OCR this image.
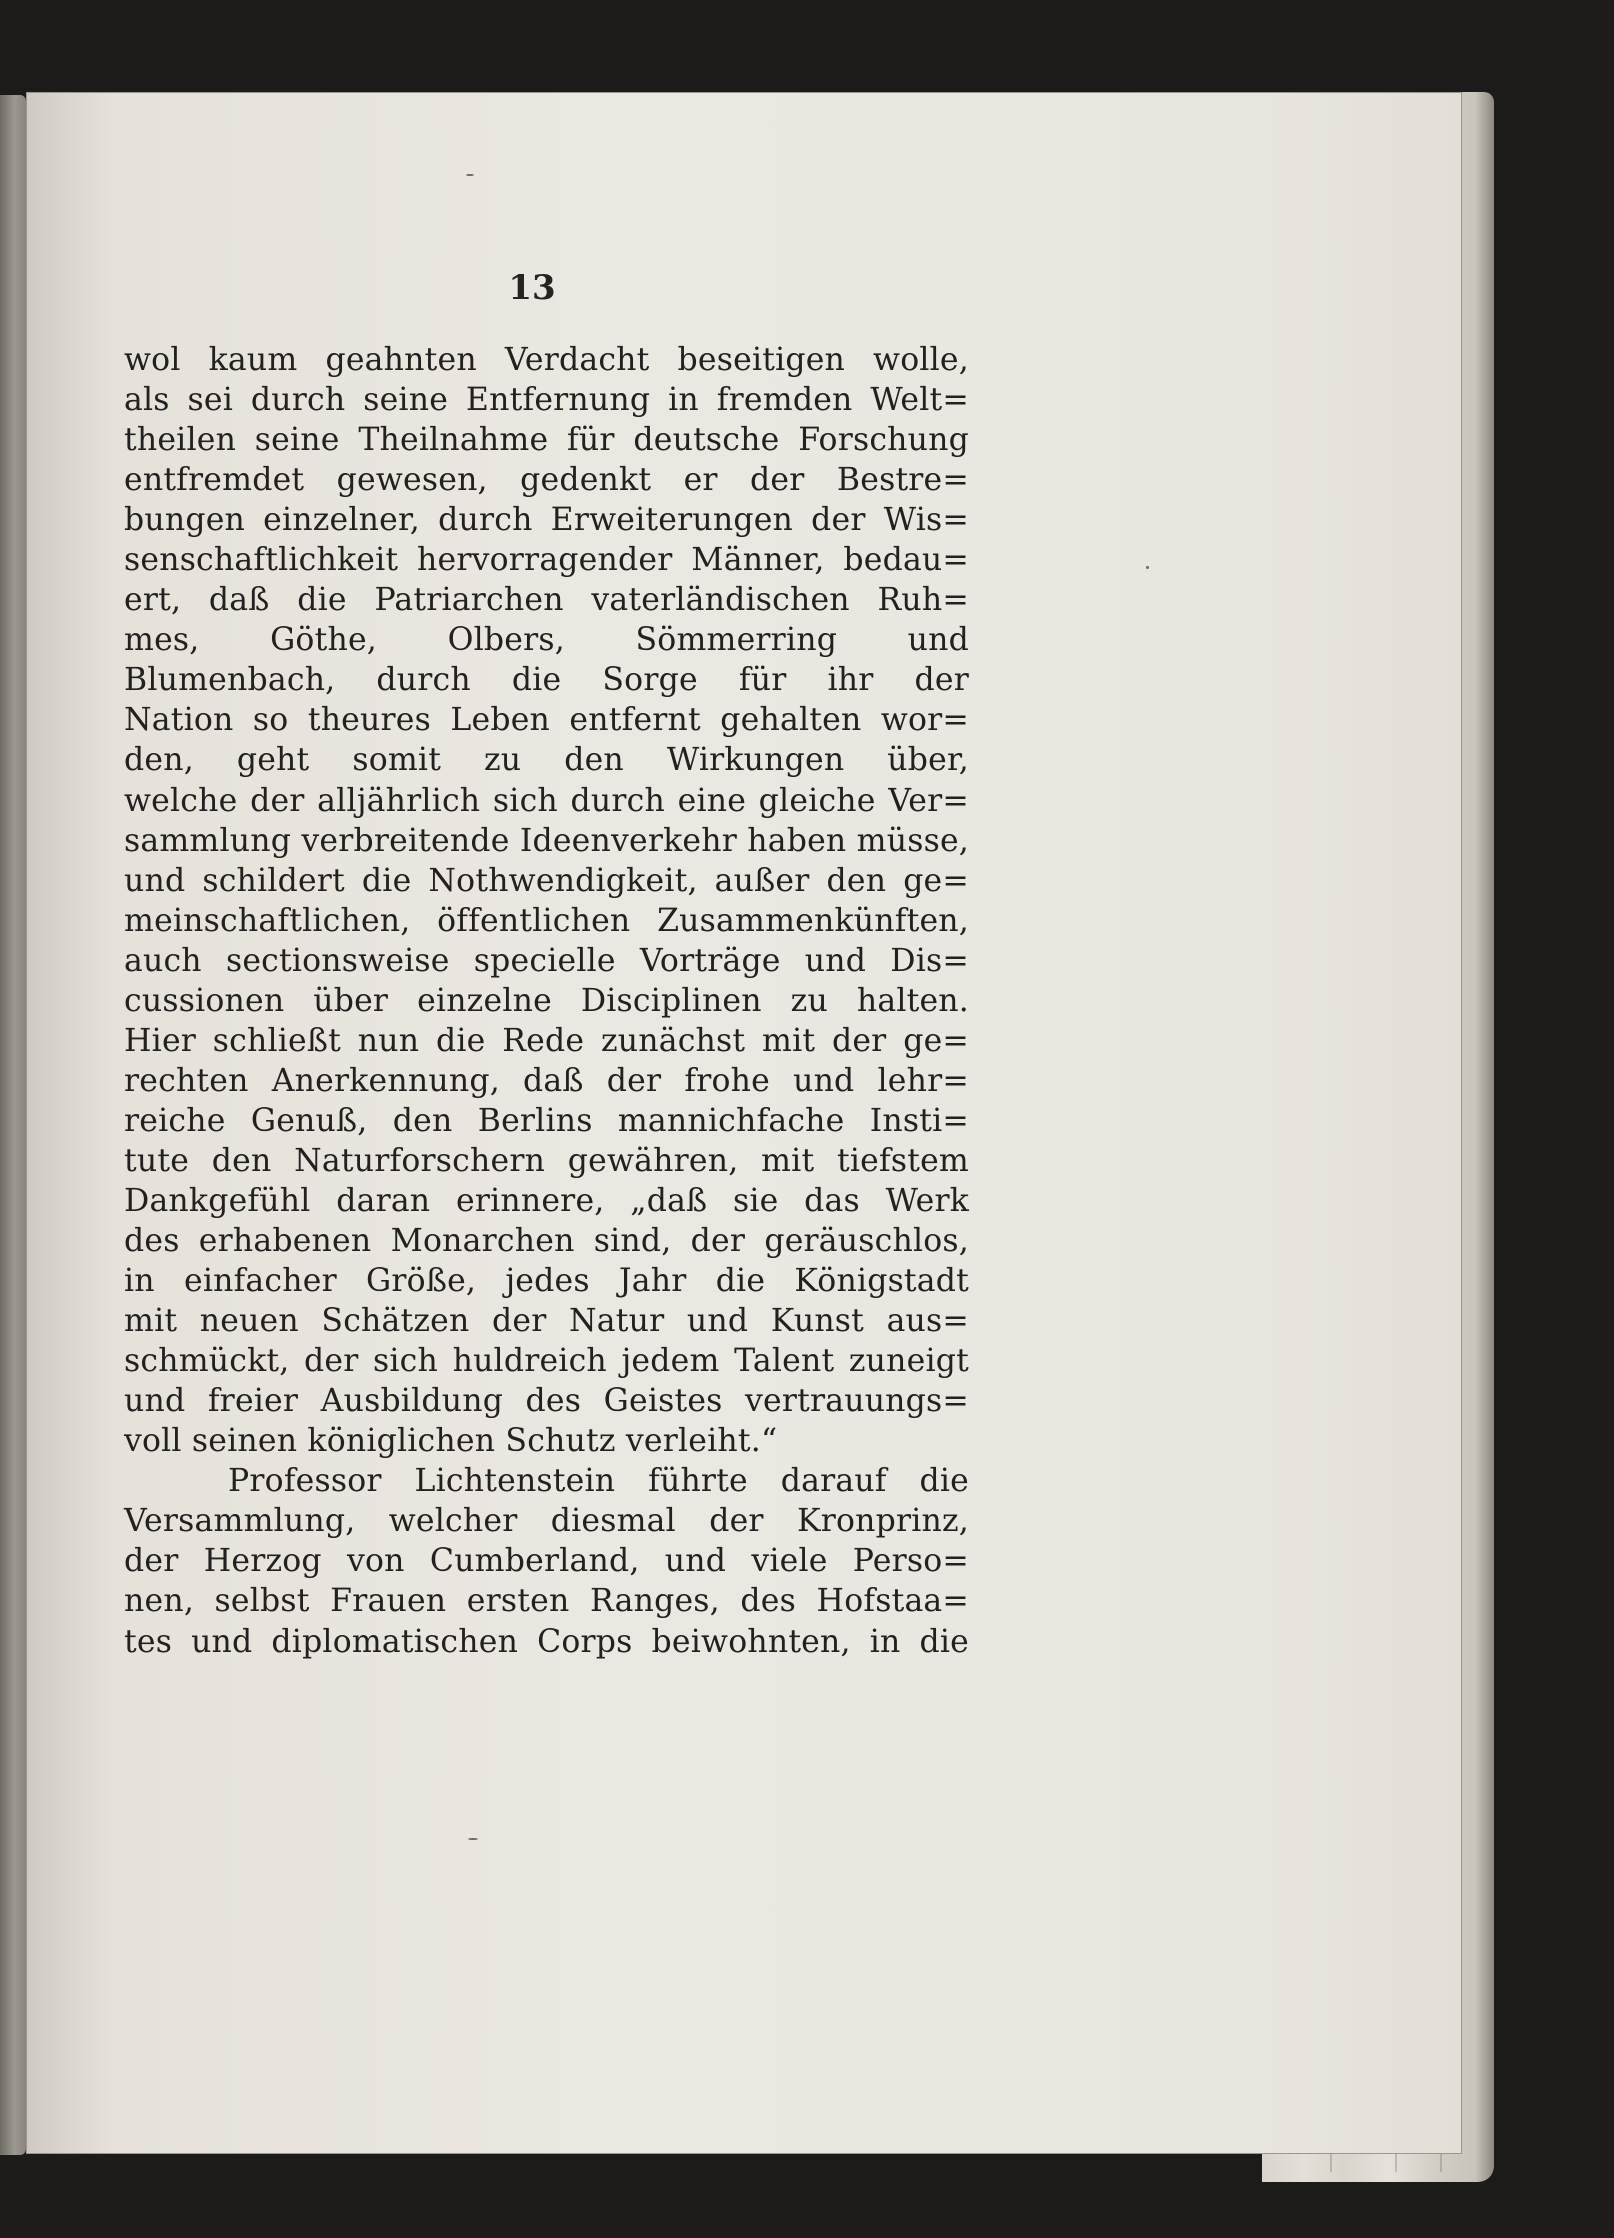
13
wol kaum geahnten Verdacht beseitigen wolle,
als sei durch seine Entfernung in fremden Welt=
theilen seine Theilnahme für deutsche Forschung
entfremdet gewesen, gedenkt er der Bestre=
bungen einzelner, durch Erweiterungen der Wis=
senschaftlichkeit hervorragender Männer, bedau=
ert, daß die Patriarchen vaterländischen Ruh=
mes, Göthe, Olbers, Sömmerring und
Blumenbach, durch die Sorge für ihr der
Nation so theures Leben entfernt gehalten wor=
den, geht somit zu den Wirkungen über,
welche der alljährlich sich durch eine gleiche Ver=
sammlung verbreitende Ideenverkehr haben müsse,
und schildert die Nothwendigkeit, außer den ge=
meinschaftlichen, öffentlichen Zusammenkünften,
auch sectionsweise specielle Vorträge und Dis=
cussionen über einzelne Disciplinen zu halten.
Hier schließt nun die Rede zunächst mit der ge=
rechten Anerkennung, daß der frohe und lehr=
reiche Genuß, den Berlins mannichfache Insti=
tute den Naturforschern gewähren, mit tiefstem
Dankgefühl daran erinnere, „daß sie das Werk
des erhabenen Monarchen sind, der geräuschlos,
in einfacher Größe, jedes Jahr die Königstadt
mit neuen Schätzen der Natur und Kunst aus=
schmückt, der sich huldreich jedem Talent zuneigt
und freier Ausbildung des Geistes vertrauungs=
voll seinen königlichen Schutz verleiht.“
Professor Lichtenstein führte darauf die
Versammlung, welcher diesmal der Kronprinz,
der Herzog von Cumberland, und viele Perso=
nen, selbst Frauen ersten Ranges, des Hofstaa=
tes und diplomatischen Corps beiwohnten, in die
